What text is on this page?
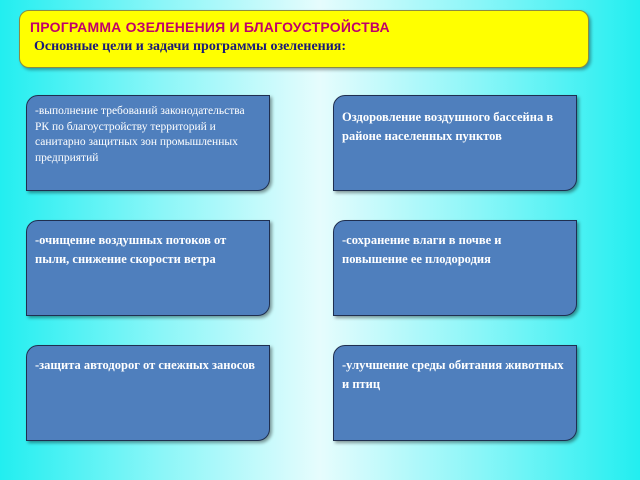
ПРОГРАММА ОЗЕЛЕНЕНИЯ И БЛАГОУСТРОЙСТВА
Основные цели и задачи программы озеленения:
-выполнение требований законодательства РК по благоустройству территорий и санитарно защитных зон промышленных предприятий
Оздоровление воздушного бассейна в районе населенных пунктов
-очищение воздушных потоков от пыли, снижение скорости ветра
-сохранение влаги в почве и повышение ее плодородия
-защита автодорог от снежных заносов	-улучшение среды обитания животных и птиц
